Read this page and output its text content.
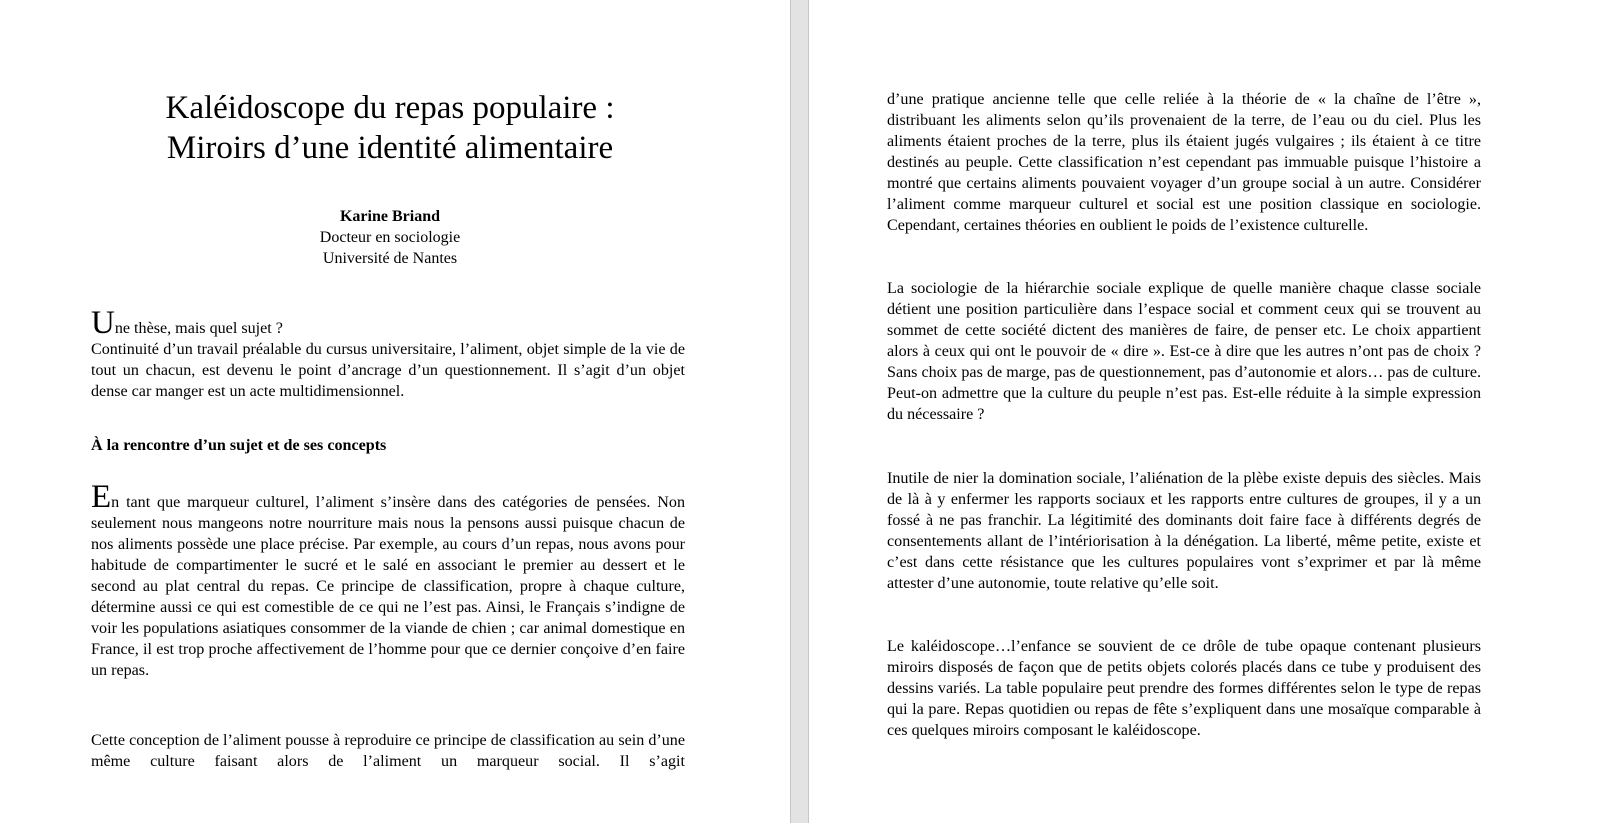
Kaléidoscope du repas populaire :
Miroirs d’une identité alimentaire
Karine Briand
Docteur en sociologie
Université de Nantes

Une thèse, mais quel sujet ?

Continuité d’un travail préalable du cursus universitaire, l’aliment, objet simple de la vie de tout un chacun, est devenu le point d’ancrage d’un questionnement. Il s’agit d’un objet dense car manger est un acte multidimensionnel.

À la rencontre d’un sujet et de ses concepts

En tant que marqueur culturel, l’aliment s’insère dans des catégories de pensées. Non seulement nous mangeons notre nourriture mais nous la pensons aussi puisque chacun de nos aliments possède une place précise. Par exemple, au cours d’un repas, nous avons pour habitude de compartimenter le sucré et le salé en associant le premier au dessert et le second au plat central du repas. Ce principe de classification, propre à chaque culture, détermine aussi ce qui est comestible de ce qui ne l’est pas. Ainsi, le Français s’indigne de voir les populations asiatiques consommer de la viande de chien ; car animal domestique en France, il est trop proche affectivement de l’homme pour que ce dernier conçoive d’en faire un repas.

Cette conception de l’aliment pousse à reproduire ce principe de classification au sein d’une même culture faisant alors de l’aliment un marqueur social. Il s’agit

d’une pratique ancienne telle que celle reliée à la théorie de « la chaîne de l’être », distribuant les aliments selon qu’ils provenaient de la terre, de l’eau ou du ciel. Plus les aliments étaient proches de la terre, plus ils étaient jugés vulgaires ; ils étaient à ce titre destinés au peuple. Cette classification n’est cependant pas immuable puisque l’histoire a montré que certains aliments pouvaient voyager d’un groupe social à un autre. Considérer l’aliment comme marqueur culturel et social est une position classique en sociologie. Cependant, certaines théories en oublient le poids de l’existence culturelle.

La sociologie de la hiérarchie sociale explique de quelle manière chaque classe sociale détient une position particulière dans l’espace social et comment ceux qui se trouvent au sommet de cette société dictent des manières de faire, de penser etc. Le choix appartient alors à ceux qui ont le pouvoir de « dire ». Est-ce à dire que les autres n’ont pas de choix ? Sans choix pas de marge, pas de questionnement, pas d’autonomie et alors… pas de culture. Peut-on admettre que la culture du peuple n’est pas. Est-elle réduite à la simple expression du nécessaire ?

Inutile de nier la domination sociale, l’aliénation de la plèbe existe depuis des siècles. Mais de là à y enfermer les rapports sociaux et les rapports entre cultures de groupes, il y a un fossé à ne pas franchir. La légitimité des dominants doit faire face à différents degrés de consentements allant de l’intériorisation à la dénégation. La liberté, même petite, existe et c’est dans cette résistance que les cultures populaires vont s’exprimer et par là même attester d’une autonomie, toute relative qu’elle soit.

Le kaléidoscope…l’enfance se souvient de ce drôle de tube opaque contenant plusieurs miroirs disposés de façon que de petits objets colorés placés dans ce tube y produisent des dessins variés. La table populaire peut prendre des formes différentes selon le type de repas qui la pare. Repas quotidien ou repas de fête s’expliquent dans une mosaïque comparable à ces quelques miroirs composant le kaléidoscope.
